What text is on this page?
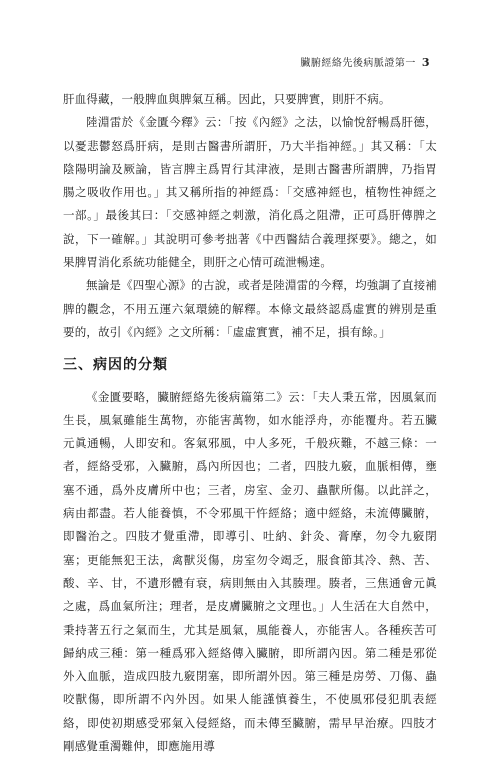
臟腑經絡先後病脈證第一 3

肝血得藏，一般脾血與脾氣互稱。因此，只要脾實，則肝不病。

陸淵雷於《金匱今釋》云：「按《內經》之法，以愉悅舒暢爲肝德，以憂悲鬱怒爲肝病，是則古醫書所謂肝，乃大半指神經。」其又稱：「太陰陽明論及厥論，皆言脾主爲胃行其津液，是則古醫書所謂脾，乃指胃腸之吸收作用也。」其又稱所指的神經爲：「交感神經也，植物性神經之一部。」最後其曰：「交感神經之刺激，消化爲之阻滯，正可爲肝傳脾之說，下一確解。」其說明可參考拙著《中西醫結合義理探要》。總之，如果脾胃消化系統功能健全，則肝之心情可疏泄暢達。

無論是《四聖心源》的古說，或者是陸淵雷的今釋，均強調了直接補脾的觀念，不用五運六氣環繞的解釋。本條文最終認爲虛實的辨別是重要的，故引《內經》之文所稱：「虛虛實實，補不足，損有餘。」

三、病因的分類

《金匱要略，臟腑經絡先後病篇第二》云：「夫人秉五常，因風氣而生長，風氣雖能生萬物，亦能害萬物，如水能浮舟，亦能覆舟。若五臟元眞通暢，人即安和。客氣邪風，中人多死，千般疢難，不越三條：一者，經絡受邪，入臟腑，爲內所因也；二者，四肢九竅，血脈相傳，壅塞不通，爲外皮膚所中也；三者，房室、金刃、蟲獸所傷。以此詳之，病由都盡。若人能養慎，不令邪風干忤經絡；適中經絡，未流傳臟腑，即醫治之。四肢才覺重滯，即導引、吐納、針灸、膏摩，勿令九竅閉塞；更能無犯王法，禽獸災傷，房室勿令竭乏，服食節其冷、熱、苦、酸、辛、甘，不遺形體有衰，病則無由入其腠理。腠者，三焦通會元眞之處，爲血氣所注；理者，是皮膚臟腑之文理也。」人生活在大自然中，秉持著五行之氣而生，尤其是風氣，風能養人，亦能害人。各種疾苦可歸納成三種：第一種爲邪入經絡傳入臟腑，即所謂內因。第二種是邪從外入血脈，造成四肢九竅閉塞，即所謂外因。第三種是房勞、刀傷、蟲咬獸傷，即所謂不內外因。如果人能謹慎養生，不使風邪侵犯肌表經絡，即使初期感受邪氣入侵經絡，而未傳至臟腑，需早早治療。四肢才剛感覺重濁難伸，即應施用導
